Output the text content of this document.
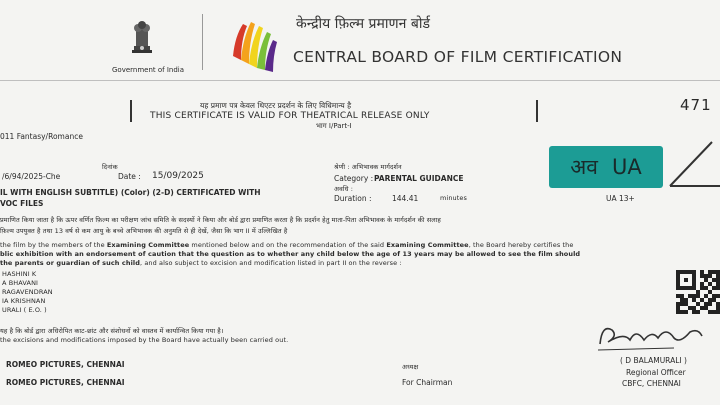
Government of India
केन्द्रीय फ़िल्म प्रमाणन बोर्ड
CENTRAL BOARD OF FILM CERTIFICATION
यह प्रमाण पत्र केवल थिएटर प्रदर्शन के लिए विधिमान्य है
THIS CERTIFICATE IS VALID FOR THEATRICAL RELEASE ONLY
भाग I/Part-I
471
011 Fantasy/Romance
/6/94/2025-Che
दिनांक
Date : 15/09/2025
श्रेणी : अभिभावक मार्गदर्शन
Category : PARENTAL GUIDANCE
अवधि :
Duration :	144.41	minutes
IL WITH ENGLISH SUBTITLE) (Color) (2-D) CERTIFICATED WITH
VOC FILES
अव UA
UA 13+
प्रमाणित किया जाता है कि ऊपर वर्णित फ़िल्म का परीक्षण जांच समिति के सदस्यों ने किया और बोर्ड द्वारा प्रमाणित करता है कि प्रदर्शन हेतु माता-पिता अभिभावक के मार्गदर्शन की सलाह
फ़िल्म उपयुक्त है तथा 13 वर्ष से कम आयु के बच्चे अभिभावक की अनुमति से ही देखें, जैसा कि भाग II में उल्लिखित है
the film by the members of the Examining Committee mentioned below and on the recommendation of the said Examining Committee, the Board hereby certifies the
blic exhibition with an endorsement of caution that the question as to whether any child below the age of 13 years may be allowed to see the film should
the parents or guardian of such child, and also subject to excision and modification listed in part II on the reverse :
HASHINI K
A BHAVANI
RAGAVENDRAN
IA KRISHNAN
URALI ( E.O. )
यह है कि बोर्ड द्वारा अधिरोपित काट-छांट और संशोधनों को वास्तव में कार्यान्वित किया गया है।
the excisions and modifications imposed by the Board have actually been carried out.
ROMEO PICTURES, CHENNAI
ROMEO PICTURES, CHENNAI
अध्यक्ष
For Chairman
( D BALAMURALI )
Regional Officer
CBFC, CHENNAI
